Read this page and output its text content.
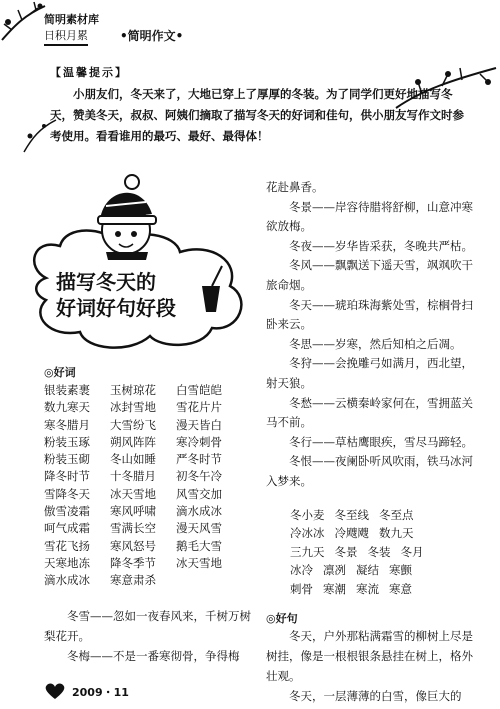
简明素材库
日积月累	•简明作文•
【温馨提示】

小朋友们，冬天来了，大地已穿上了厚厚的冬装。为了同学们更好地描写冬天，赞美冬天，叔叔、阿姨们摘取了描写冬天的好词和佳句，供小朋友写作文时参考使用。看看谁用的最巧、最好、最得体！

描写冬天的
好词好句好段
◎好词
银装素裹 玉树琼花 白雪皑皑
数九寒天 冰封雪地 雪花片片
寒冬腊月 大雪纷飞 漫天皆白
粉装玉琢 朔风阵阵 寒冷刺骨
粉装玉砌 冬山如睡 严冬时节
降冬时节 十冬腊月 初冬午冷
雪降冬天 冰天雪地 风雪交加
傲雪凌霜 寒风呼啸 滴水成冰
呵气成霜 雪满长空 漫天风雪
雪花飞扬 寒风怒号 鹅毛大雪
天寒地冻 降冬季节 冰天雪地
滴水成冰 寒意肃杀

冬雪——忽如一夜春风来，千树万树梨花开。

冬梅——不是一番寒彻骨，争得梅

花赴鼻香。

冬景——岸容待腊将舒柳，山意冲寒欲放梅。

冬夜——岁华皆采获，冬晚共严枯。

冬风——飘飘送下遥天雪，飒飒吹干旅命烟。

冬天——琥珀珠海紫处雪，棕榈骨扫卧来云。

冬思——岁寒，然后知柏之后凋。

冬狩——会挽雕弓如满月，西北望，射天狼。

冬愁——云横秦岭家何在，雪拥蓝关马不前。

冬行——草枯鹰眼疾，雪尽马蹄轻。

冬恨——夜阑卧听风吹雨，铁马冰河入梦来。

冬小麦 冬至线 冬至点
冷冰冰 冷飕飕 数九天
三九天 冬景 冬装 冬月
冰冷 凛冽 凝结 寒颤
刺骨 寒潮 寒流 寒意
◎好句

冬天，户外那粘满霜雪的柳树上尽是树挂，像是一根根银条悬挂在树上，格外壮观。

冬天，一层薄薄的白雪，像巨大的

2009・11
